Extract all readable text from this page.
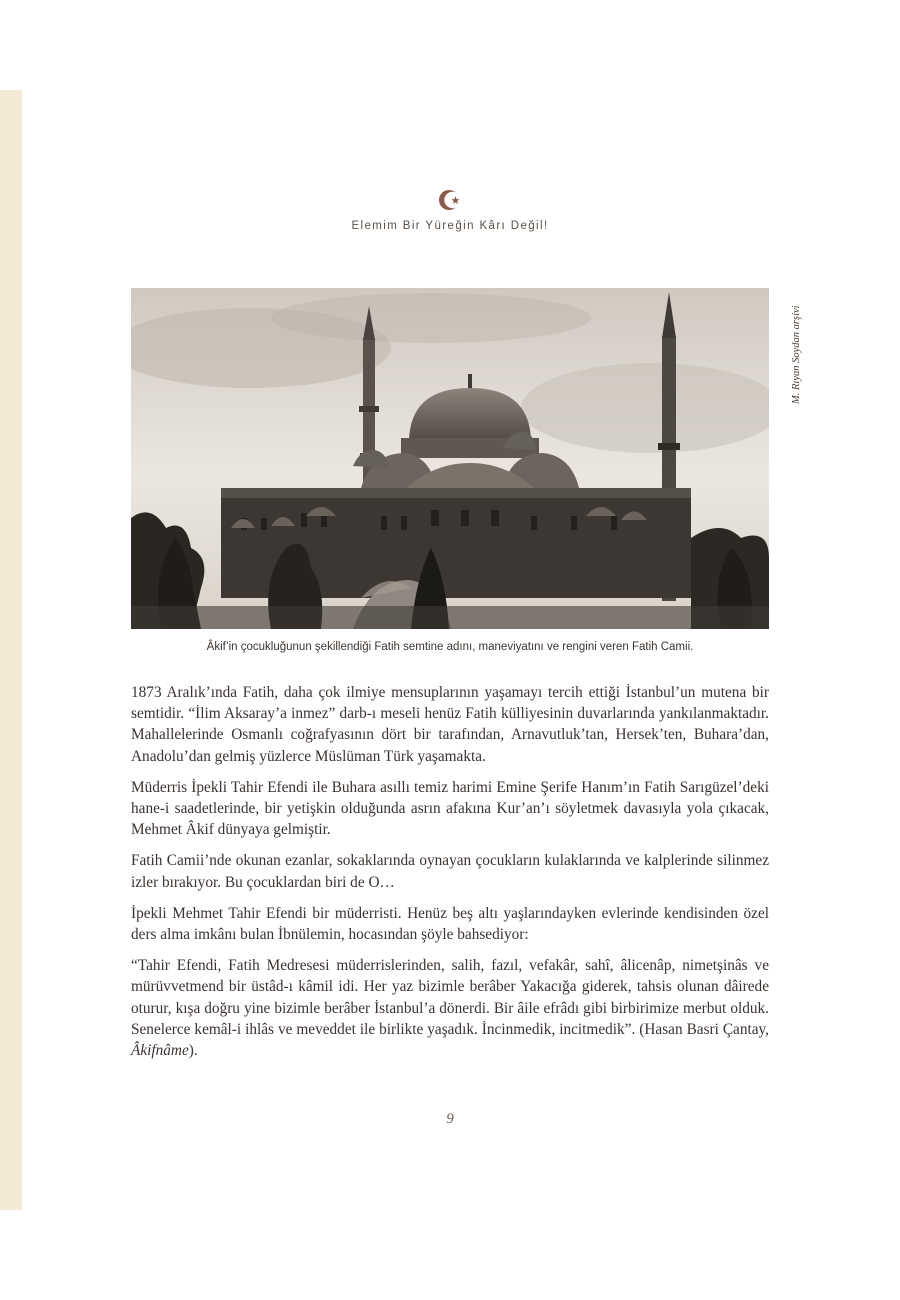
Elemim Bir Yüreğin Kârı Değil!
M. Rıyan Soydan arşivi
Âkif’in çocukluğunun şekillendiği Fatih semtine adını, maneviyatını ve rengini veren Fatih Camii.

1873 Aralık’ında Fatih, daha çok ilmiye mensuplarının yaşamayı tercih ettiği İstanbul’un mutena bir semtidir. “İlim Aksaray’a inmez” darb-ı meseli henüz Fatih külliyesinin duvarlarında yankılanmaktadır. Mahallelerinde Osmanlı coğrafyasının dört bir tarafından, Arnavutluk’tan, Hersek’ten, Buhara’dan, Anadolu’dan gelmiş yüzlerce Müslüman Türk yaşamakta.

Müderris İpekli Tahir Efendi ile Buhara asıllı temiz harimi Emine Şerife Hanım’ın Fatih Sarıgüzel’deki hane-i saadetlerinde, bir yetişkin olduğunda asrın afakına Kur’an’ı söyletmek davasıyla yola çıkacak, Mehmet Âkif dünyaya gelmiştir.

Fatih Camii’nde okunan ezanlar, sokaklarında oynayan çocukların kulaklarında ve kalplerinde silinmez izler bırakıyor. Bu çocuklardan biri de O…

İpekli Mehmet Tahir Efendi bir müderristi. Henüz beş altı yaşlarındayken evlerinde kendisinden özel ders alma imkânı bulan İbnülemin, hocasından şöyle bahsediyor:

“Tahir Efendi, Fatih Medresesi müderrislerinden, salih, fazıl, vefakâr, sahî, âlicenâp, nimetşinâs ve mürüvvetmend bir üstâd-ı kâmil idi. Her yaz bizimle berâber Yakacığa giderek, tahsis olunan dâirede oturur, kışa doğru yine bizimle berâber İstanbul’a dönerdi. Bir âile efrâdı gibi birbirimize merbut olduk. Senelerce kemâl-i ihlâs ve meveddet ile birlikte yaşadık. İncinmedik, incitmedik”. (Hasan Basri Çantay, Âkifnâme).

9
